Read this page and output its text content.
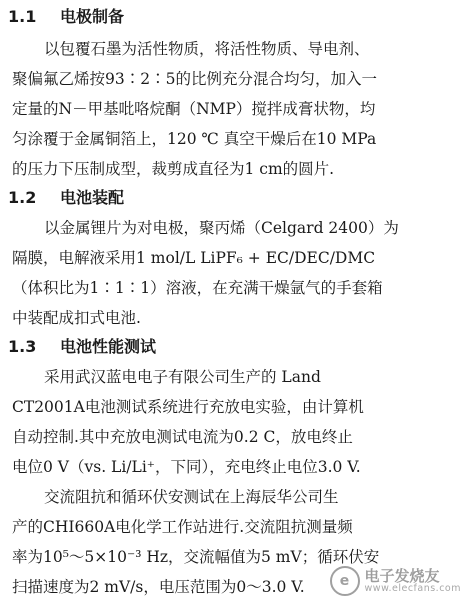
1.1 电极制备
以包覆石墨为活性物质，将活性物质、导电剂、
聚偏氟乙烯按93∶2∶5的比例充分混合均匀，加入一
定量的N－甲基吡咯烷酮（NMP）搅拌成膏状物，均
匀涂覆于金属铜箔上，120 ℃ 真空干燥后在10 MPa
的压力下压制成型，裁剪成直径为1 cm的圆片.
1.2 电池装配
以金属锂片为对电极，聚丙烯（Celgard 2400）为
隔膜，电解液采用1 mol/L LiPF₆ + EC/DEC/DMC
（体积比为1∶1∶1）溶液，在充满干燥氩气的手套箱
中装配成扣式电池.
1.3 电池性能测试
采用武汉蓝电电子有限公司生产的 Land
CT2001A电池测试系统进行充放电实验，由计算机
自动控制.其中充放电测试电流为0.2 C，放电终止
电位0 V（vs. Li/Li⁺，下同），充电终止电位3.0 V.
交流阻抗和循环伏安测试在上海辰华公司生
产的CHI660A电化学工作站进行.交流阻抗测量频
率为10⁵～5×10⁻³ Hz，交流幅值为5 mV；循环伏安
扫描速度为2 mV/s，电压范围为0～3.0 V.	e	电子发烧友
www.elecfans.com
